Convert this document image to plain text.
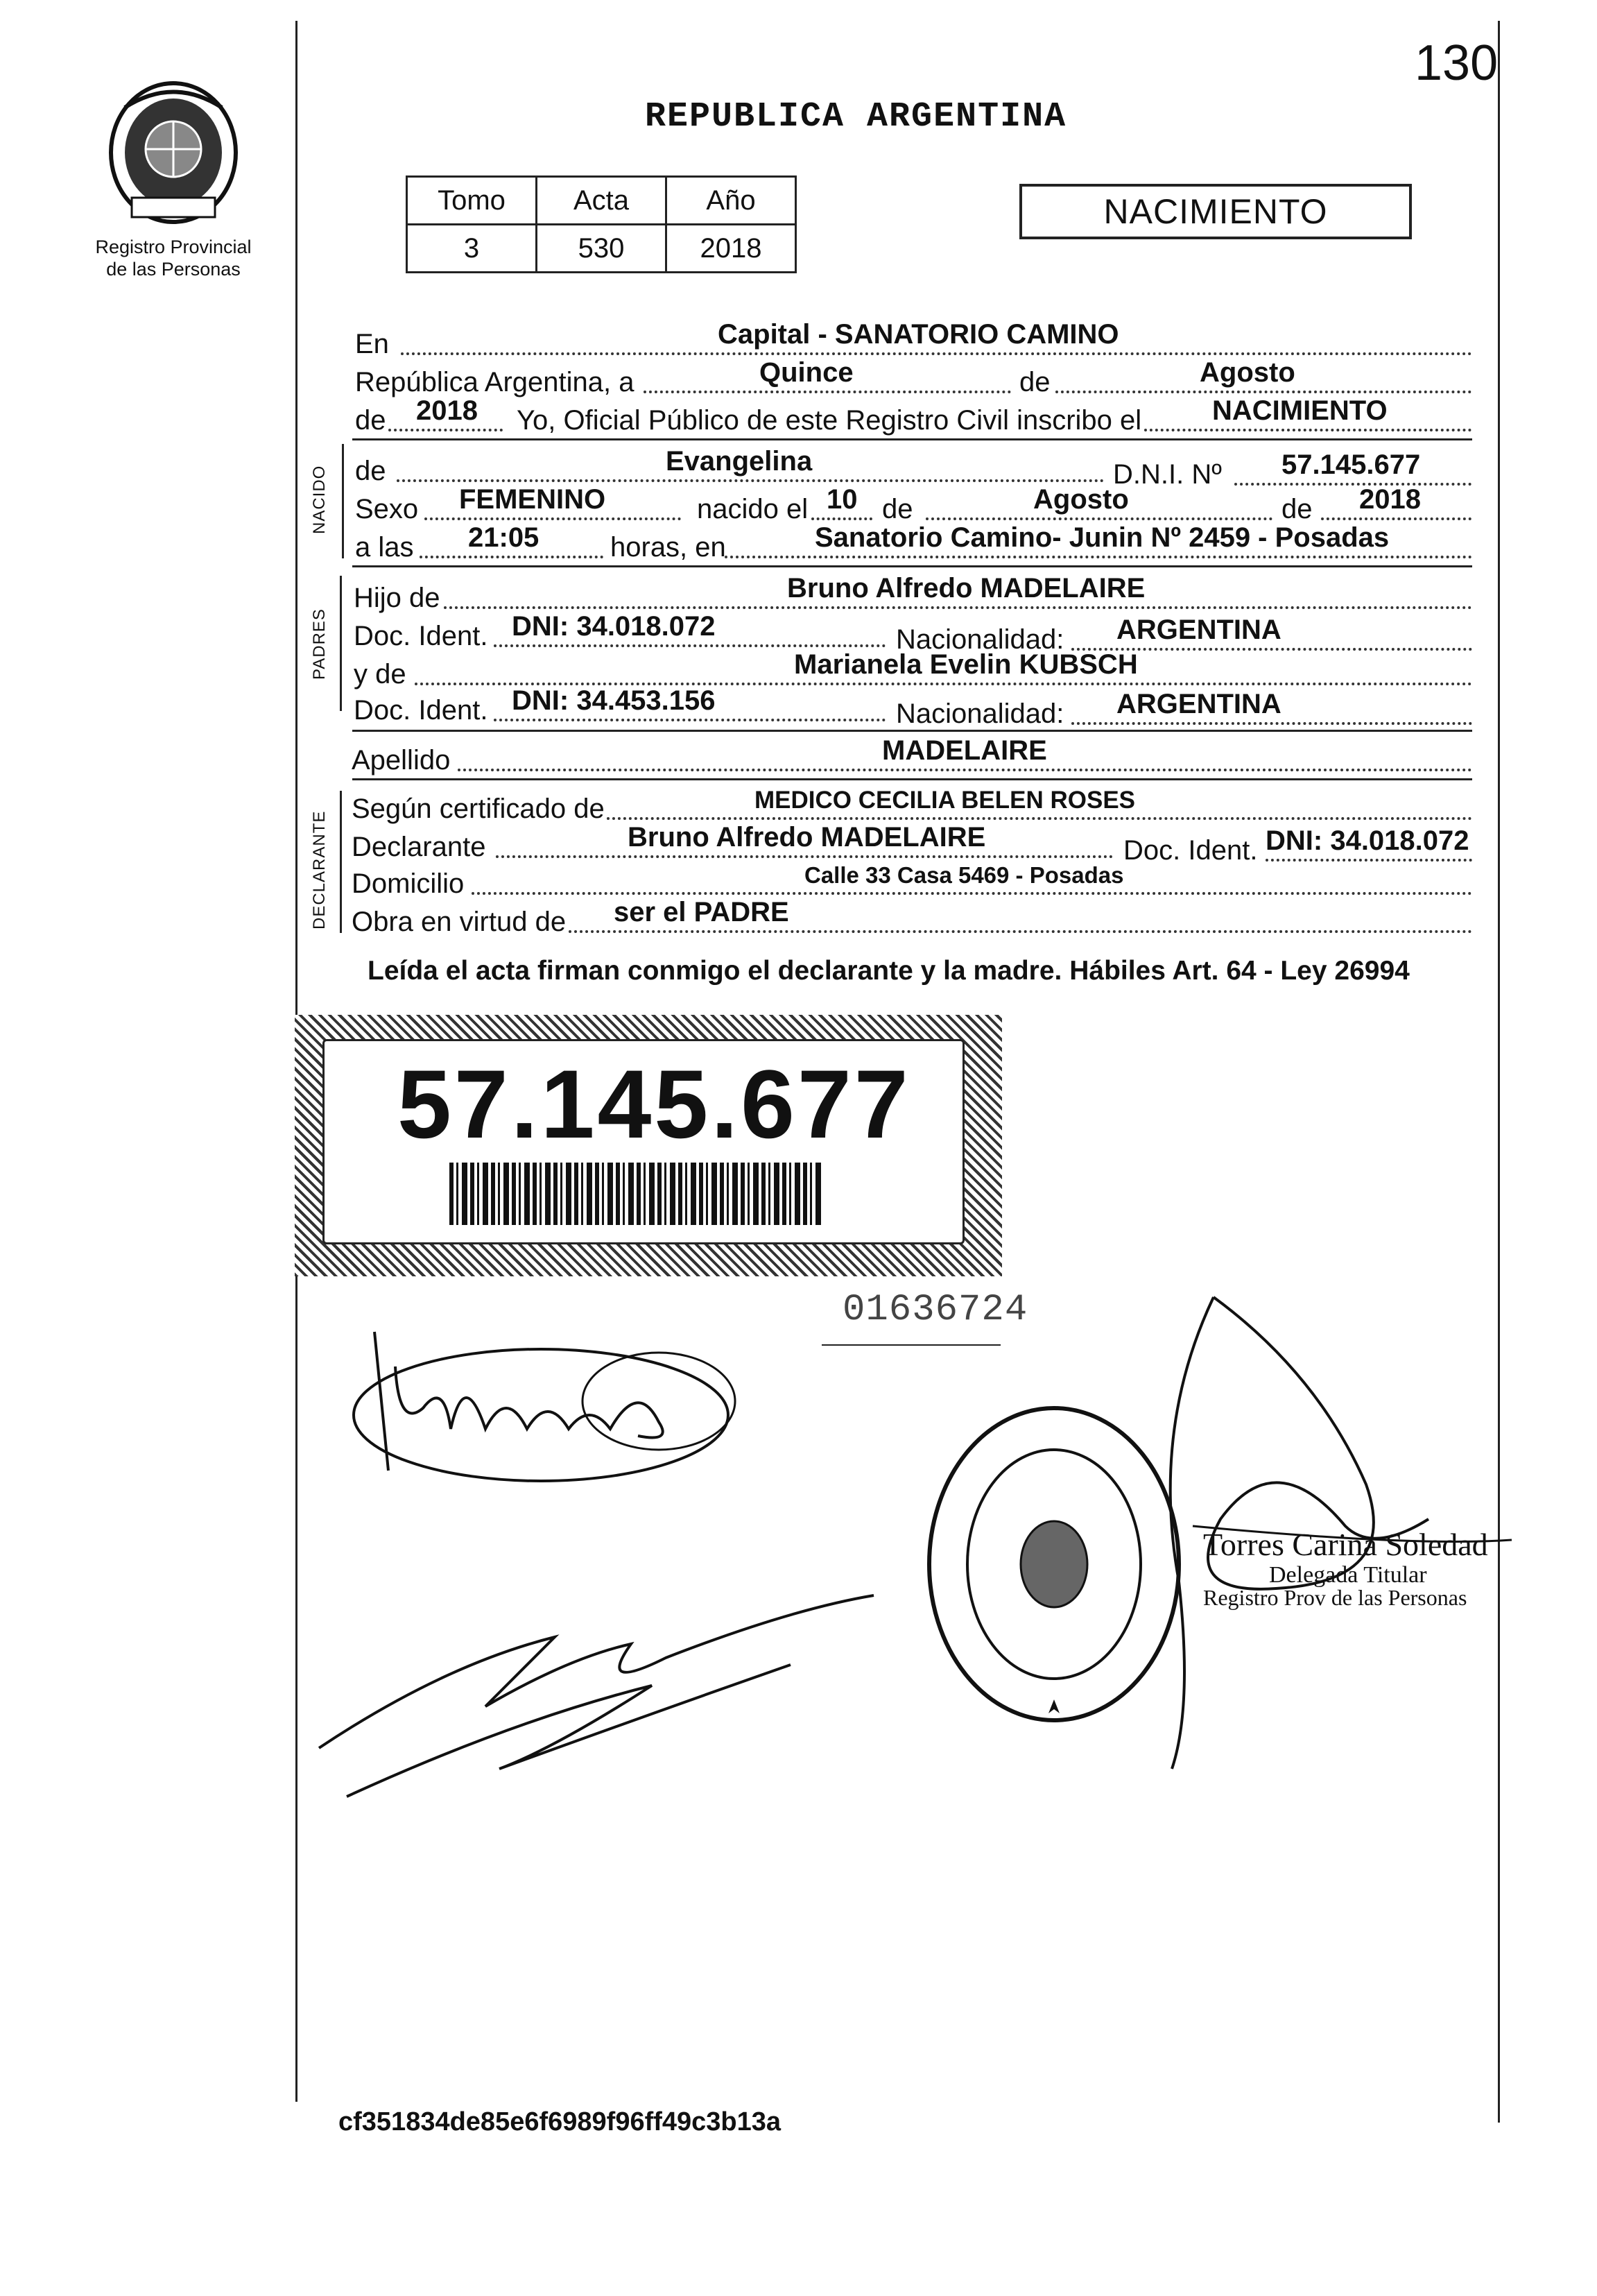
130
Registro Provincial
de las Personas
REPUBLICA ARGENTINA
Tomo	Acta	Año
3	530	2018
NACIMIENTO
En	Capital - SANATORIO CAMINO
República Argentina, a	Quince	de	Agosto
de 2018 Yo, Oficial Público de este Registro Civil inscribo el	NACIMIENTO
NACIDO de	Evangelina	D.N.I. Nº 57.145.677
Sexo FEMENINO	nacido el 10 de	Agosto	de 2018
a las 21:05	horas, en	Sanatorio Camino- Junin Nº 2459 - Posadas
PADRES
Hijo de	Bruno Alfredo MADELAIRE
Doc. Ident. DNI: 34.018.072	Nacionalidad: ARGENTINA
y de	Marianela Evelin KUBSCH
Doc. Ident. DNI: 34.453.156	Nacionalidad: ARGENTINA
Apellido	MADELAIRE
DECLARANTE
Según certificado de	MEDICO CECILIA BELEN ROSES
Declarante	Bruno Alfredo MADELAIRE	Doc. Ident. DNI: 34.018.072
Domicilio	Calle 33 Casa 5469 - Posadas
Obra en virtud de ser el PADRE
Leída el acta firman conmigo el declarante y la madre. Hábiles Art. 64 - Ley 26994
57.145.677
01636724
Torres Carina Soledad
Delegada Titular
Registro Prov de las Personas
cf351834de85e6f6989f96ff49c3b13a
